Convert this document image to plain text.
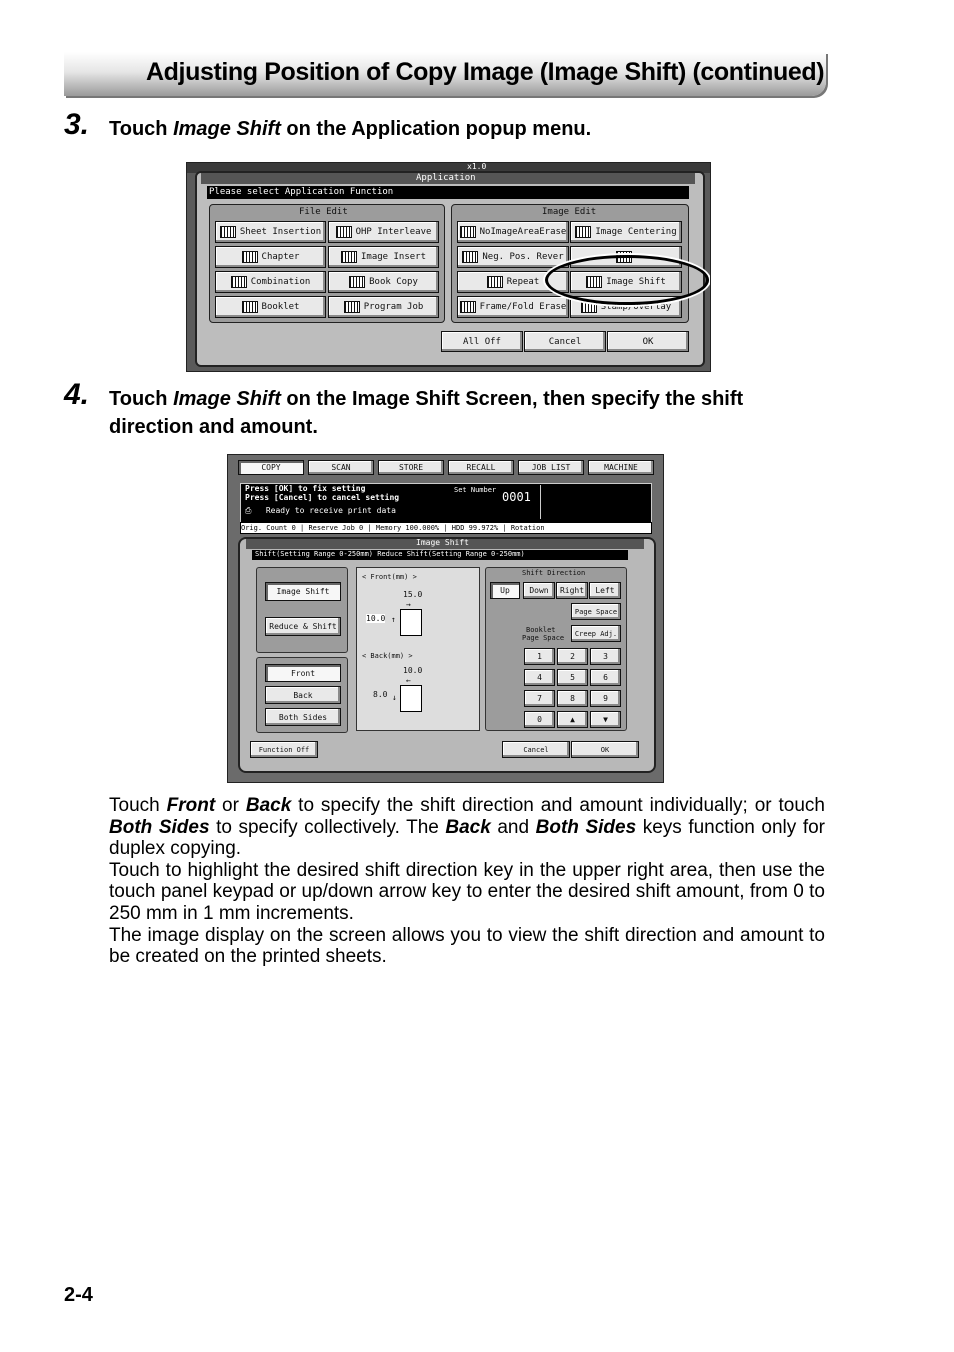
Adjusting Position of Copy Image (Image Shift) (continued)
3. Touch Image Shift on the Application popup menu.
x1.0
Application
Please select Application Function
File Edit
Sheet Insertion	OHP Interleave
Chapter	Image Insert
Combination	Book Copy
Booklet	Program Job
Image Edit
NoImageAreaErase	Image Centering
Neg. Pos. Rever
Repeat	Image Shift
Frame/Fold Erase	Stamp/Overlay
All Off	Cancel	OK
4. Touch Image Shift on the Image Shift Screen, then specify the shift
direction and amount.
COPY	SCAN	STORE	RECALL	JOB LIST	MACHINE
Press [OK] to fix setting
Press [Cancel] to cancel setting
⎙ Ready to receive print data
Set Number 0001
Orig. Count 0 | Reserve Job 0 | Memory 100.000% | HDD 99.972% | Rotation
Image Shift
Shift(Setting Range 0-250mm) Reduce Shift(Setting Range 0-250mm)
Image Shift
Reduce & Shift
Front
Back
Both Sides
< Front(mm) >
15.0
→
10.0 ↑
< Back(mm) >
10.0
←
8.0 ↓
Shift Direction
Up	Down	Right	Left
Page Space
Booklet
Page Space
Creep Adj.
1	2	3
4	5	6
7	8	9
0	▲	▼
Function Off	Cancel	OK
Touch Front or Back to specify the shift direction and amount individually; or touch Both Sides to specify collectively. The Back and Both Sides keys function only for duplex copying.
Touch to highlight the desired shift direction key in the upper right area, then use the touch panel keypad or up/down arrow key to enter the desired shift amount, from 0 to 250 mm in 1 mm increments.
The image display on the screen allows you to view the shift direction and amount to be created on the printed sheets.
2-4
